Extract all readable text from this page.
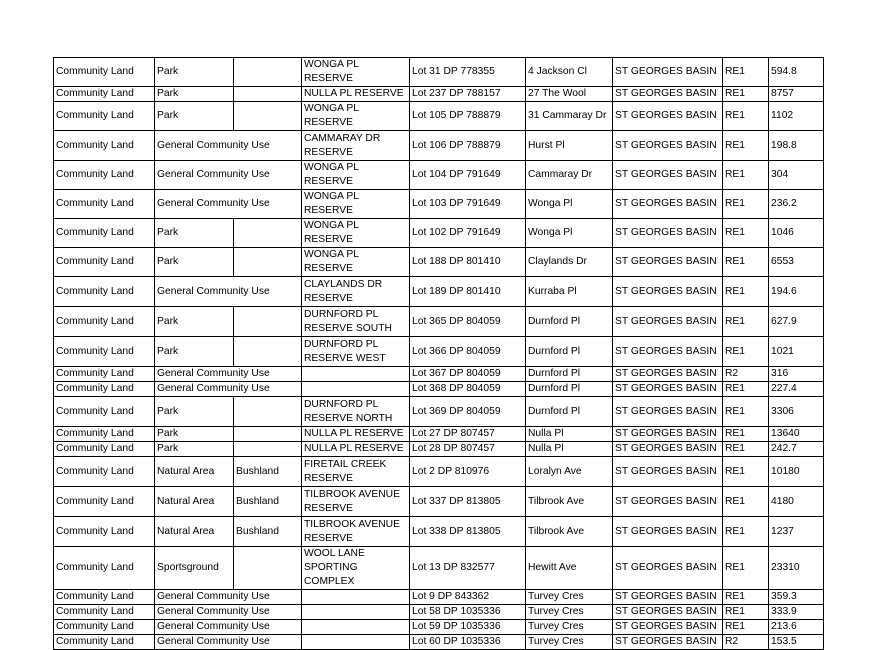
Community Land	Park		WONGA PL RESERVE	Lot 31 DP 778355	4 Jackson Cl	ST GEORGES BASIN	RE1	594.8
Community Land	Park		NULLA PL RESERVE	Lot 237 DP 788157	27 The Wool	ST GEORGES BASIN	RE1	8757
Community Land	Park		WONGA PL RESERVE	Lot 105 DP 788879	31 Cammaray Dr	ST GEORGES BASIN	RE1	1102
Community Land	General Community Use		CAMMARAY DR RESERVE	Lot 106 DP 788879	Hurst Pl	ST GEORGES BASIN	RE1	198.8
Community Land	General Community Use		WONGA PL RESERVE	Lot 104 DP 791649	Cammaray Dr	ST GEORGES BASIN	RE1	304
Community Land	General Community Use		WONGA PL RESERVE	Lot 103 DP 791649	Wonga Pl	ST GEORGES BASIN	RE1	236.2
Community Land	Park		WONGA PL RESERVE	Lot 102 DP 791649	Wonga Pl	ST GEORGES BASIN	RE1	1046
Community Land	Park		WONGA PL RESERVE	Lot 188 DP 801410	Claylands Dr	ST GEORGES BASIN	RE1	6553
Community Land	General Community Use		CLAYLANDS DR RESERVE	Lot 189 DP 801410	Kurraba Pl	ST GEORGES BASIN	RE1	194.6
Community Land	Park		DURNFORD PL RESERVE SOUTH	Lot 365 DP 804059	Durnford Pl	ST GEORGES BASIN	RE1	627.9
Community Land	Park		DURNFORD PL RESERVE WEST	Lot 366 DP 804059	Durnford Pl	ST GEORGES BASIN	RE1	1021
Community Land	General Community Use			Lot 367 DP 804059	Durnford Pl	ST GEORGES BASIN	R2	316
Community Land	General Community Use			Lot 368 DP 804059	Durnford Pl	ST GEORGES BASIN	RE1	227.4
Community Land	Park		DURNFORD PL RESERVE NORTH	Lot 369 DP 804059	Durnford Pl	ST GEORGES BASIN	RE1	3306
Community Land	Park		NULLA PL RESERVE	Lot 27 DP 807457	Nulla Pl	ST GEORGES BASIN	RE1	13640
Community Land	Park		NULLA PL RESERVE	Lot 28 DP 807457	Nulla Pl	ST GEORGES BASIN	RE1	242.7
Community Land	Natural Area	Bushland	FIRETAIL CREEK RESERVE	Lot 2 DP 810976	Loralyn Ave	ST GEORGES BASIN	RE1	10180
Community Land	Natural Area	Bushland	TILBROOK AVENUE RESERVE	Lot 337 DP 813805	Tilbrook Ave	ST GEORGES BASIN	RE1	4180
Community Land	Natural Area	Bushland	TILBROOK AVENUE RESERVE	Lot 338 DP 813805	Tilbrook Ave	ST GEORGES BASIN	RE1	1237
Community Land	Sportsground		WOOL LANE SPORTING COMPLEX	Lot 13 DP 832577	Hewitt Ave	ST GEORGES BASIN	RE1	23310
Community Land	General Community Use			Lot 9 DP 843362	Turvey Cres	ST GEORGES BASIN	RE1	359.3
Community Land	General Community Use			Lot 58 DP 1035336	Turvey Cres	ST GEORGES BASIN	RE1	333.9
Community Land	General Community Use			Lot 59 DP 1035336	Turvey Cres	ST GEORGES BASIN	RE1	213.6
Community Land	General Community Use			Lot 60 DP 1035336	Turvey Cres	ST GEORGES BASIN	R2	153.5
